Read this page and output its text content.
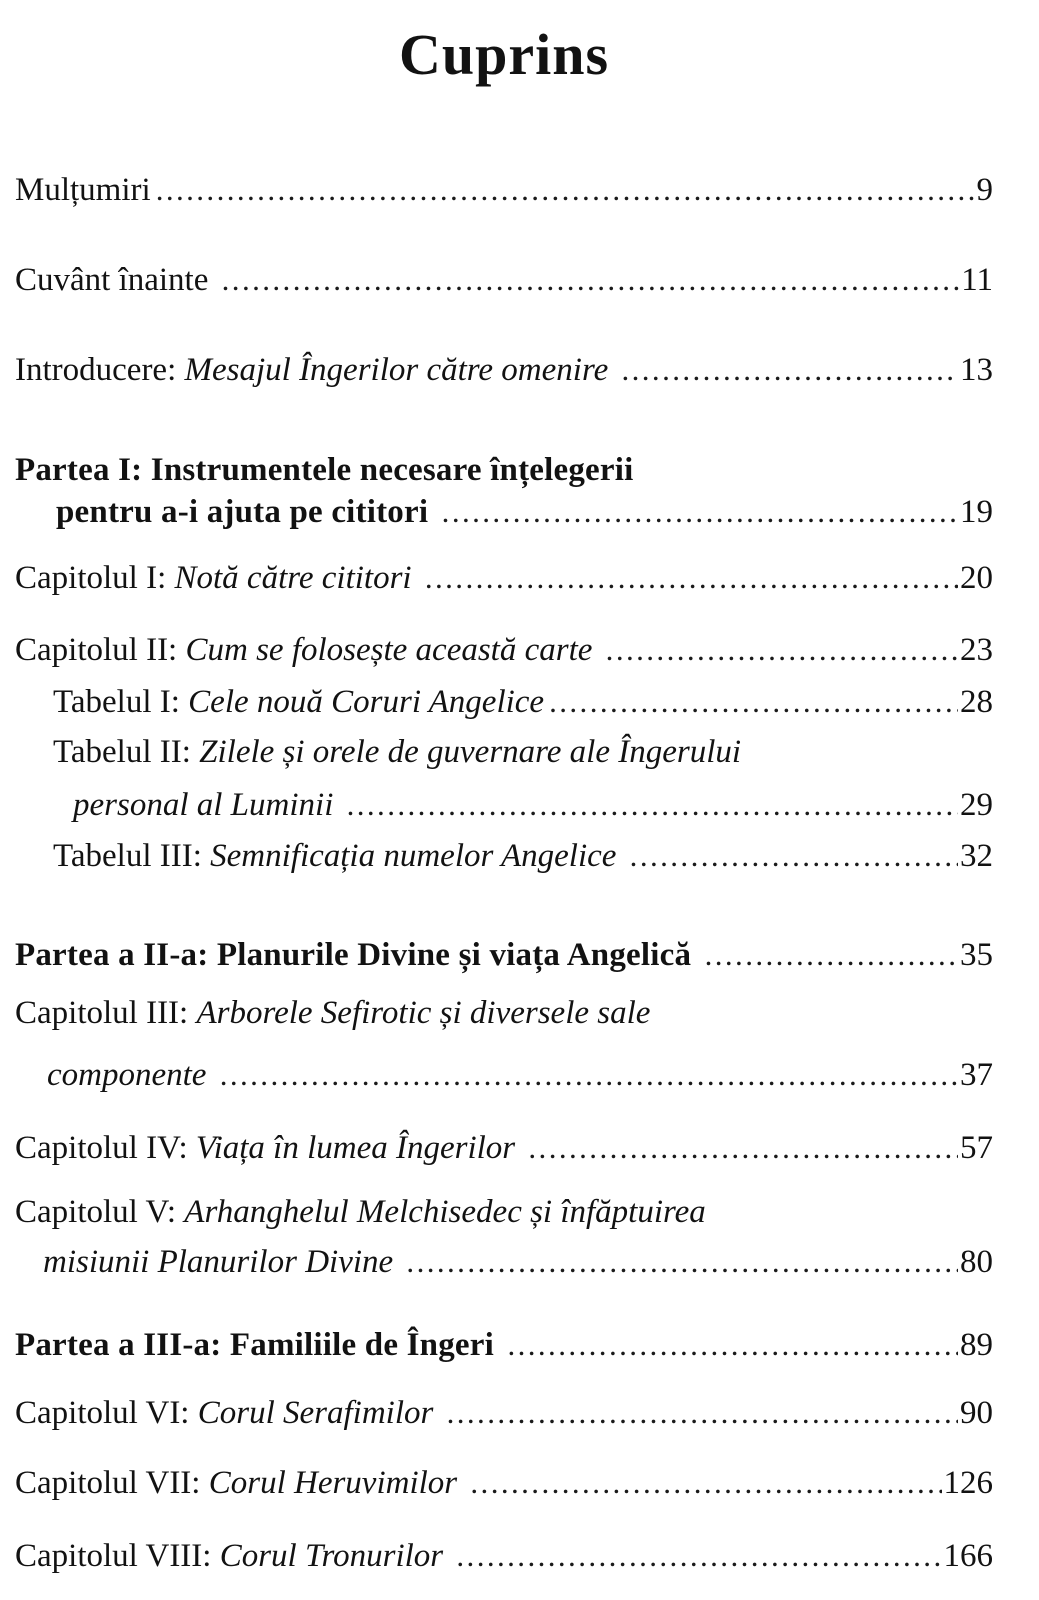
Cuprins
Mulțumiri .....	9
Cuvânt înainte .....	11
Introducere: Mesajul Îngerilor către omenire .....	13
Partea I: Instrumentele necesare înțelegerii
pentru a-i ajuta pe cititori .....	19
Capitolul I: Notă către cititori .....	20
Capitolul II: Cum se folosește această carte .....	23
Tabelul I: Cele nouă Coruri Angelice .....	28
Tabelul II: Zilele și orele de guvernare ale Îngerului
personal al Luminii .....	29
Tabelul III: Semnificația numelor Angelice .....	32
Partea a II-a: Planurile Divine și viața Angelică .....	35
Capitolul III: Arborele Sefirotic și diversele sale
componente .....	37
Capitolul IV: Viața în lumea Îngerilor .....	57
Capitolul V: Arhanghelul Melchisedec și înfăptuirea
misiunii Planurilor Divine .....	80
Partea a III-a: Familiile de Îngeri .....	89
Capitolul VI: Corul Serafimilor .....	90
Capitolul VII: Corul Heruvimilor .....	126
Capitolul VIII: Corul Tronurilor .....	166
